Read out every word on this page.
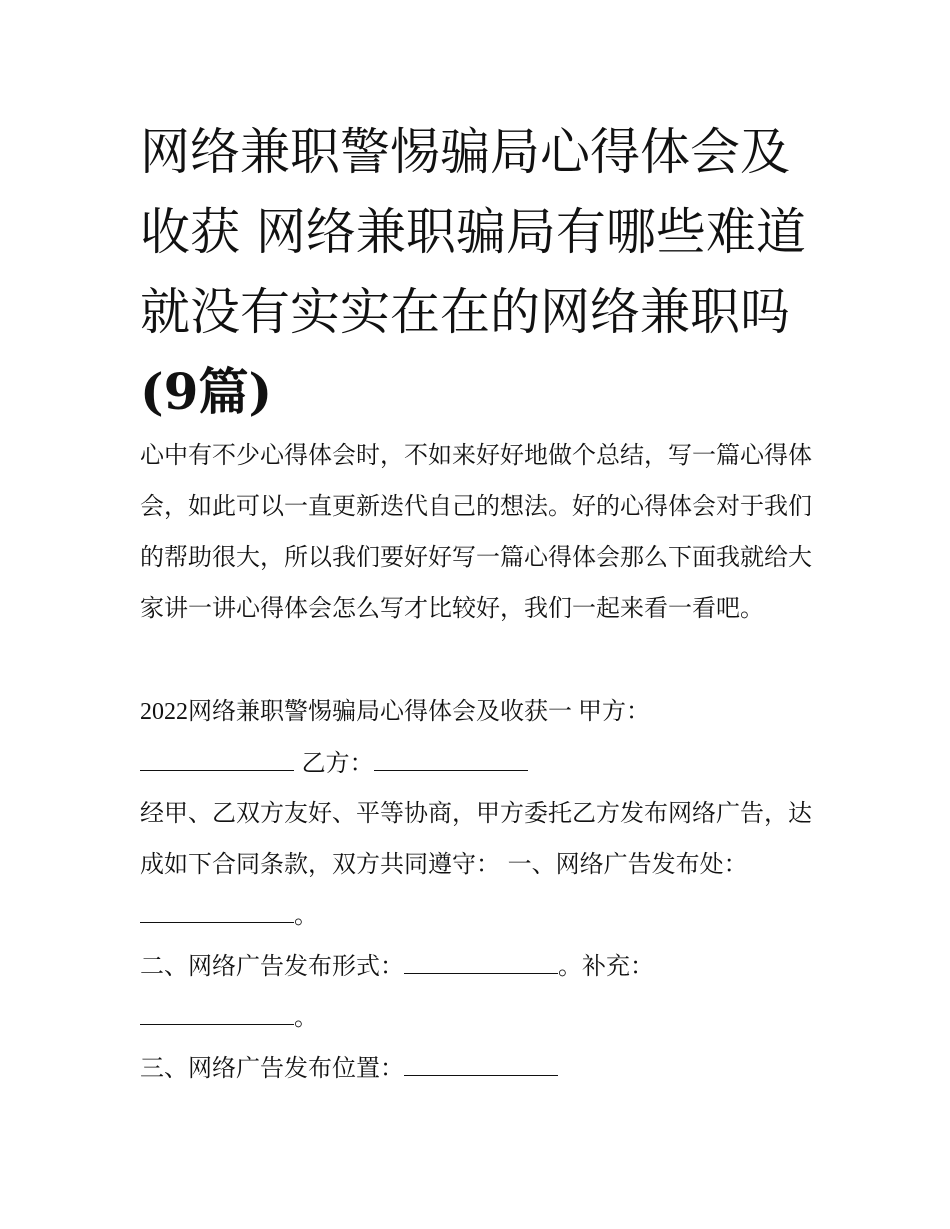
网络兼职警惕骗局心得体会及收获 网络兼职骗局有哪些难道就没有实实在在的网络兼职吗
(9篇)

心中有不少心得体会时，不如来好好地做个总结，写一篇心得体会，如此可以一直更新迭代自己的想法。好的心得体会对于我们的帮助很大，所以我们要好好写一篇心得体会那么下面我就给大家讲一讲心得体会怎么写才比较好，我们一起来看一看吧。

2022网络兼职警惕骗局心得体会及收获一 甲方：
乙方：

经甲、乙双方友好、平等协商，甲方委托乙方发布网络广告，达成如下合同条款，双方共同遵守： 一、网络广告发布处：
。

二、网络广告发布形式：	。补充：
。

三、网络广告发布位置：
